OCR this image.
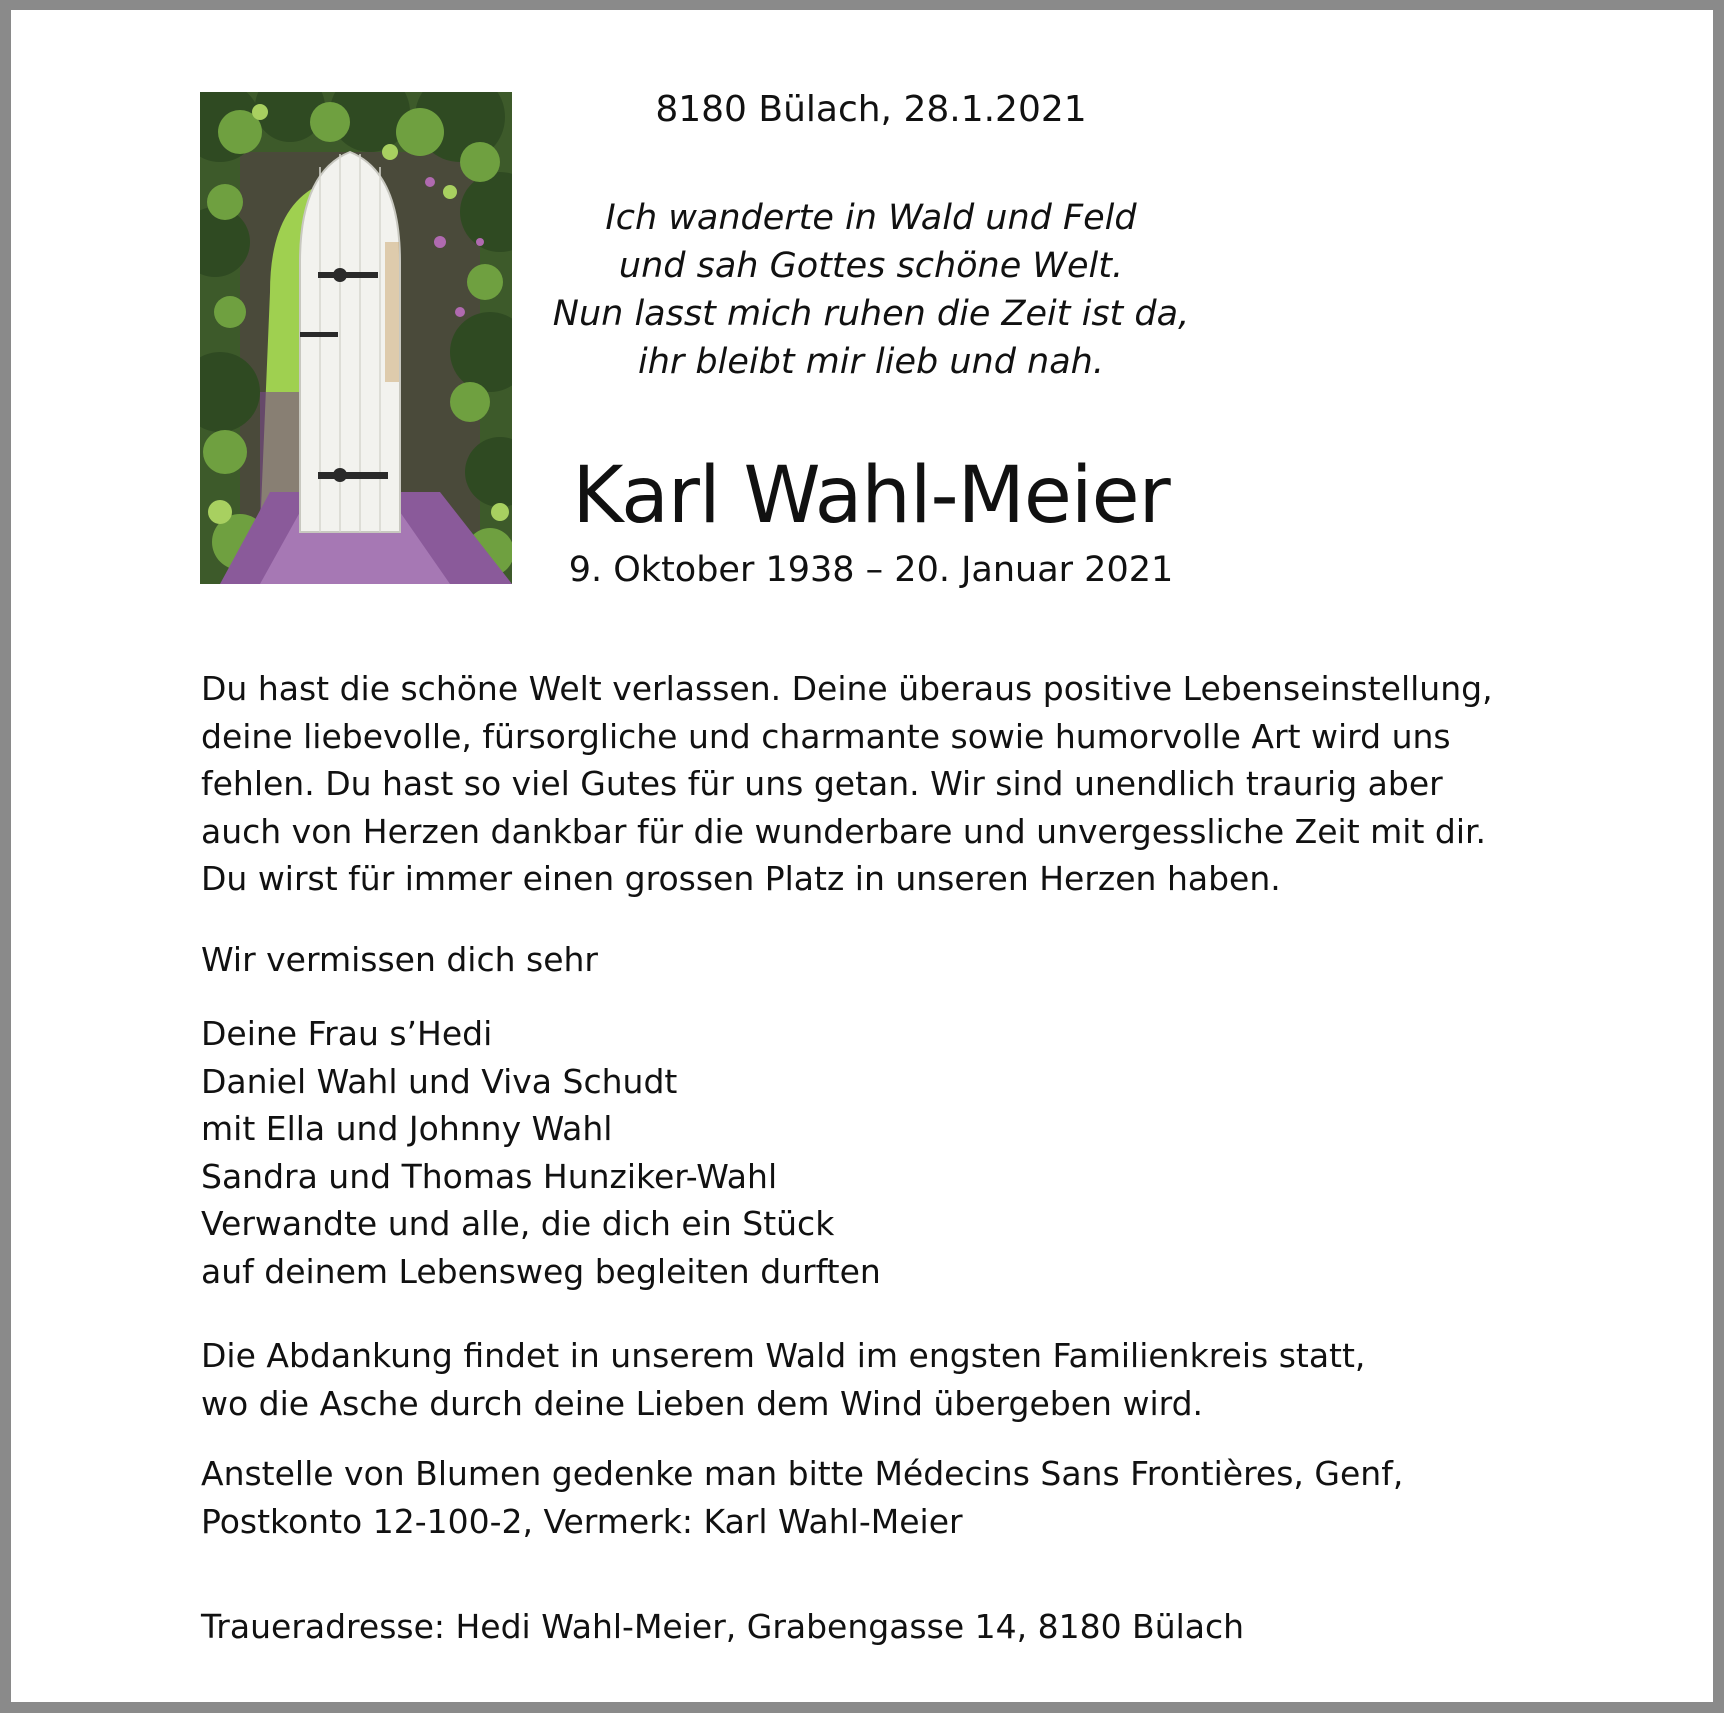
8180 Bülach, 28.1.2021
Ich wanderte in Wald und Feld
und sah Gottes schöne Welt.
Nun lasst mich ruhen die Zeit ist da,
ihr bleibt mir lieb und nah.
Karl Wahl-Meier
9. Oktober 1938 – 20. Januar 2021
Du hast die schöne Welt verlassen. Deine überaus positive Lebenseinstellung,
deine liebevolle, fürsorgliche und charmante sowie humorvolle Art wird uns
fehlen. Du hast so viel Gutes für uns getan. Wir sind unendlich traurig aber
auch von Herzen dankbar für die wunderbare und unvergessliche Zeit mit dir.
Du wirst für immer einen grossen Platz in unseren Herzen haben.
Wir vermissen dich sehr
Deine Frau s’Hedi
Daniel Wahl und Viva Schudt
mit Ella und Johnny Wahl
Sandra und Thomas Hunziker-Wahl
Verwandte und alle, die dich ein Stück
auf deinem Lebensweg begleiten durften
Die Abdankung findet in unserem Wald im engsten Familienkreis statt,
wo die Asche durch deine Lieben dem Wind übergeben wird.
Anstelle von Blumen gedenke man bitte Médecins Sans Frontières, Genf,
Postkonto 12-100-2, Vermerk: Karl Wahl-Meier
Traueradresse: Hedi Wahl-Meier, Grabengasse 14, 8180 Bülach
